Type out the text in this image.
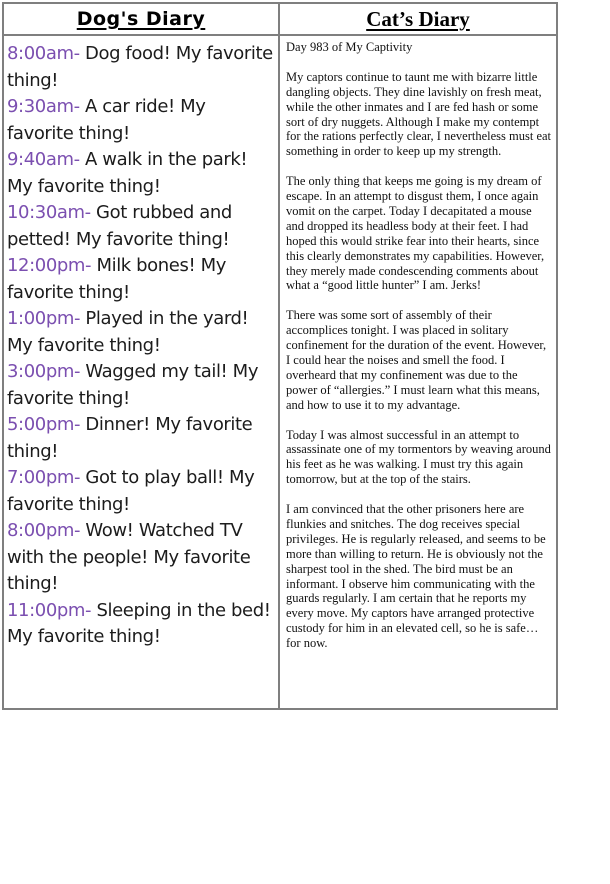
Dog's Diary	Cat’s Diary
8:00am- Dog food! My favorite thing!
9:30am- A car ride! My favorite thing!
9:40am- A walk in the park! My favorite thing!
10:30am- Got rubbed and petted! My favorite thing!
12:00pm- Milk bones! My favorite thing!
1:00pm- Played in the yard! My favorite thing!
3:00pm- Wagged my tail! My favorite thing!
5:00pm- Dinner! My favorite thing!
7:00pm- Got to play ball! My favorite thing!
8:00pm- Wow! Watched TV with the people! My favorite thing!
11:00pm- Sleeping in the bed! My favorite thing!
Day 983 of My Captivity
My captors continue to taunt me with bizarre little dangling objects. They dine lavishly on fresh meat, while the other inmates and I are fed hash or some sort of dry nuggets. Although I make my contempt for the rations perfectly clear, I nevertheless must eat something in order to keep up my strength.
The only thing that keeps me going is my dream of escape. In an attempt to disgust them, I once again vomit on the carpet. Today I decapitated a mouse and dropped its headless body at their feet. I had hoped this would strike fear into their hearts, since this clearly demonstrates my capabilities. However, they merely made condescending comments about what a “good little hunter” I am. Jerks!
There was some sort of assembly of their accomplices tonight. I was placed in solitary confinement for the duration of the event. However, I could hear the noises and smell the food. I overheard that my confinement was due to the power of “allergies.” I must learn what this means, and how to use it to my advantage.
Today I was almost successful in an attempt to assassinate one of my tormentors by weaving around his feet as he was walking. I must try this again tomorrow, but at the top of the stairs.
I am convinced that the other prisoners here are flunkies and snitches. The dog receives special privileges. He is regularly released, and seems to be more than willing to return. He is obviously not the sharpest tool in the shed. The bird must be an informant. I observe him communicating with the guards regularly. I am certain that he reports my every move. My captors have arranged protective custody for him in an elevated cell, so he is safe…for now.
